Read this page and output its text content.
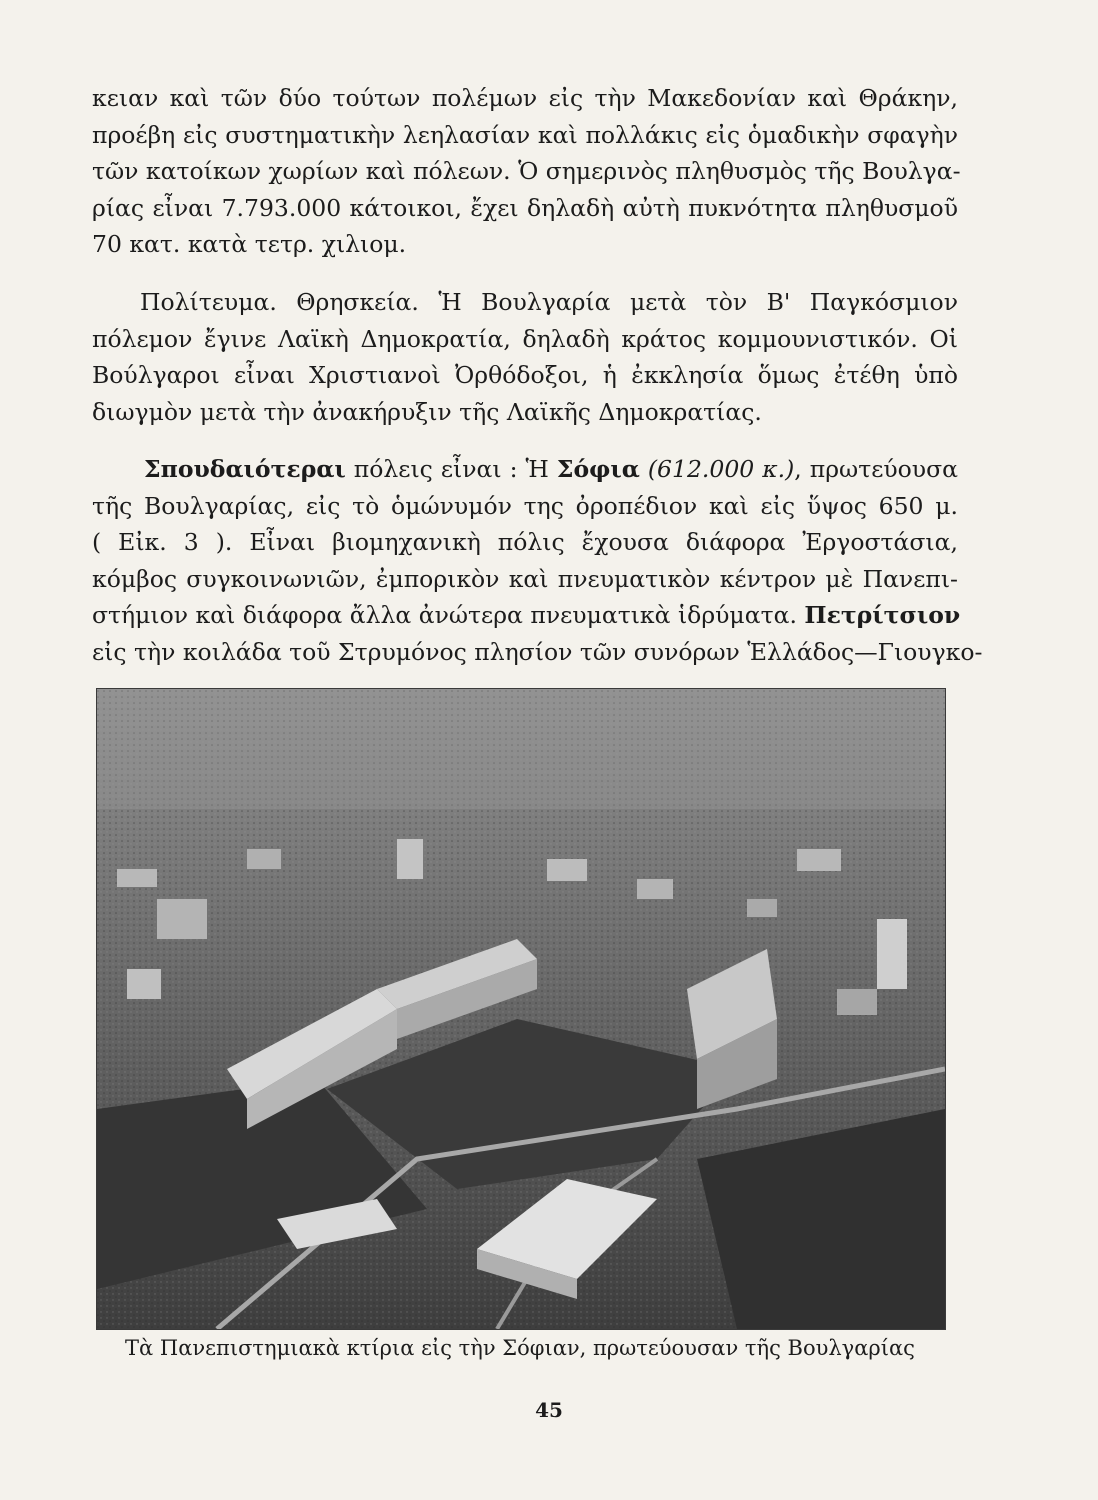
κειαν καὶ τῶν δύο τούτων πολέμων εἰς τὴν Μακεδονίαν καὶ Θράκην,
προέβη εἰς συστηματικὴν λεηλασίαν καὶ πολλάκις εἰς ὁμαδικὴν σφαγὴν
τῶν κατοίκων χωρίων καὶ πόλεων. Ὁ σημερινὸς πληθυσμὸς τῆς Βουλγα-
ρίας εἶναι 7.793.000 κάτοικοι, ἔχει δηλαδὴ αὐτὴ πυκνότητα πληθυσμοῦ
70 κατ. κατὰ τετρ. χιλιομ.
Πολίτευμα. Θρησκεία. Ἡ Βουλγαρία μετὰ τὸν Β' Παγκόσμιον
πόλεμον ἔγινε Λαϊκὴ Δημοκρατία, δηλαδὴ κράτος κομμουνιστικόν. Οἱ
Βούλγαροι εἶναι Χριστιανοὶ Ὀρθόδοξοι, ἡ ἐκκλησία ὅμως ἐτέθη ὑπὸ
διωγμὸν μετὰ τὴν ἀνακήρυξιν τῆς Λαϊκῆς Δημοκρατίας.
Σπουδαιότεραι πόλεις εἶναι : Ἡ Σόφια (612.000 κ.), πρωτεύουσα
τῆς Βουλγαρίας, εἰς τὸ ὁμώνυμόν της ὀροπέδιον καὶ εἰς ὕψος 650 μ.
( Εἰκ. 3 ). Εἶναι βιομηχανικὴ πόλις ἔχουσα διάφορα Ἐργοστάσια,
κόμβος συγκοινωνιῶν, ἐμπορικὸν καὶ πνευματικὸν κέντρον μὲ Πανεπι-
στήμιον καὶ διάφορα ἄλλα ἀνώτερα πνευματικὰ ἱδρύματα. Πετρίτσιον
εἰς τὴν κοιλάδα τοῦ Στρυμόνος πλησίον τῶν συνόρων Ἑλλάδος—Γιουγκο-
Τὰ Πανεπιστημιακὰ κτίρια εἰς τὴν Σόφιαν, πρωτεύουσαν τῆς Βουλγαρίας
45
